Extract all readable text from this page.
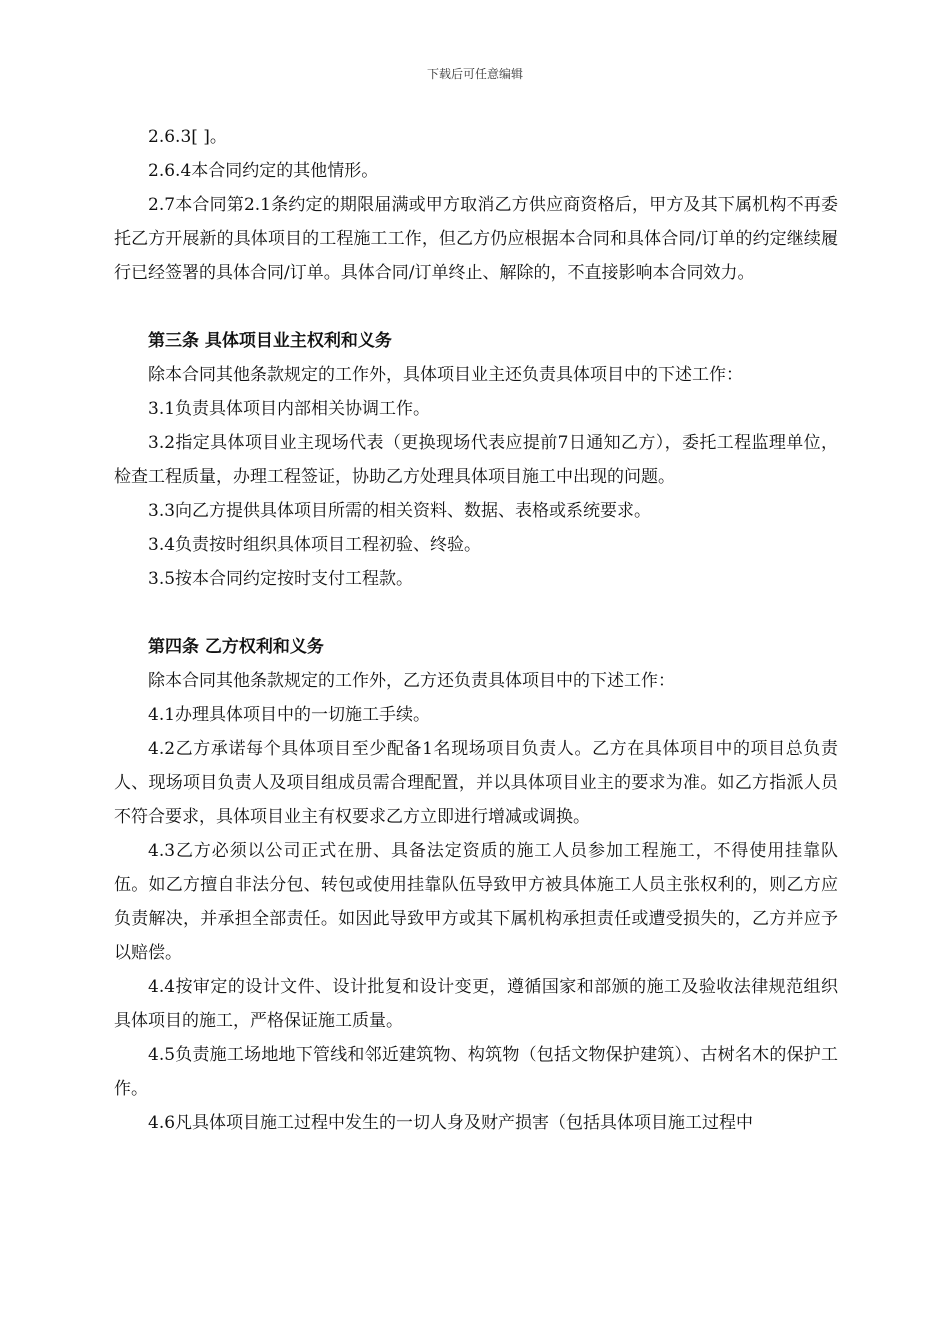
下载后可任意编辑

2.6.3[ ]。

2.6.4本合同约定的其他情形。

2.7本合同第2.1条约定的期限届满或甲方取消乙方供应商资格后，甲方及其下属机构不再委托乙方开展新的具体项目的工程施工工作，但乙方仍应根据本合同和具体合同/订单的约定继续履行已经签署的具体合同/订单。具体合同/订单终止、解除的，不直接影响本合同效力。

第三条 具体项目业主权利和义务

除本合同其他条款规定的工作外，具体项目业主还负责具体项目中的下述工作：

3.1负责具体项目内部相关协调工作。

3.2指定具体项目业主现场代表（更换现场代表应提前7日通知乙方），委托工程监理单位，检查工程质量，办理工程签证，协助乙方处理具体项目施工中出现的问题。

3.3向乙方提供具体项目所需的相关资料、数据、表格或系统要求。

3.4负责按时组织具体项目工程初验、终验。

3.5按本合同约定按时支付工程款。

第四条 乙方权利和义务

除本合同其他条款规定的工作外，乙方还负责具体项目中的下述工作：

4.1办理具体项目中的一切施工手续。

4.2乙方承诺每个具体项目至少配备1名现场项目负责人。乙方在具体项目中的项目总负责人、现场项目负责人及项目组成员需合理配置，并以具体项目业主的要求为准。如乙方指派人员不符合要求，具体项目业主有权要求乙方立即进行增减或调换。

4.3乙方必须以公司正式在册、具备法定资质的施工人员参加工程施工，不得使用挂靠队伍。如乙方擅自非法分包、转包或使用挂靠队伍导致甲方被具体施工人员主张权利的，则乙方应负责解决，并承担全部责任。如因此导致甲方或其下属机构承担责任或遭受损失的，乙方并应予以赔偿。

4.4按审定的设计文件、设计批复和设计变更，遵循国家和部颁的施工及验收法律规范组织具体项目的施工，严格保证施工质量。

4.5负责施工场地地下管线和邻近建筑物、构筑物（包括文物保护建筑）、古树名木的保护工作。

4.6凡具体项目施工过程中发生的一切人身及财产损害（包括具体项目施工过程中
